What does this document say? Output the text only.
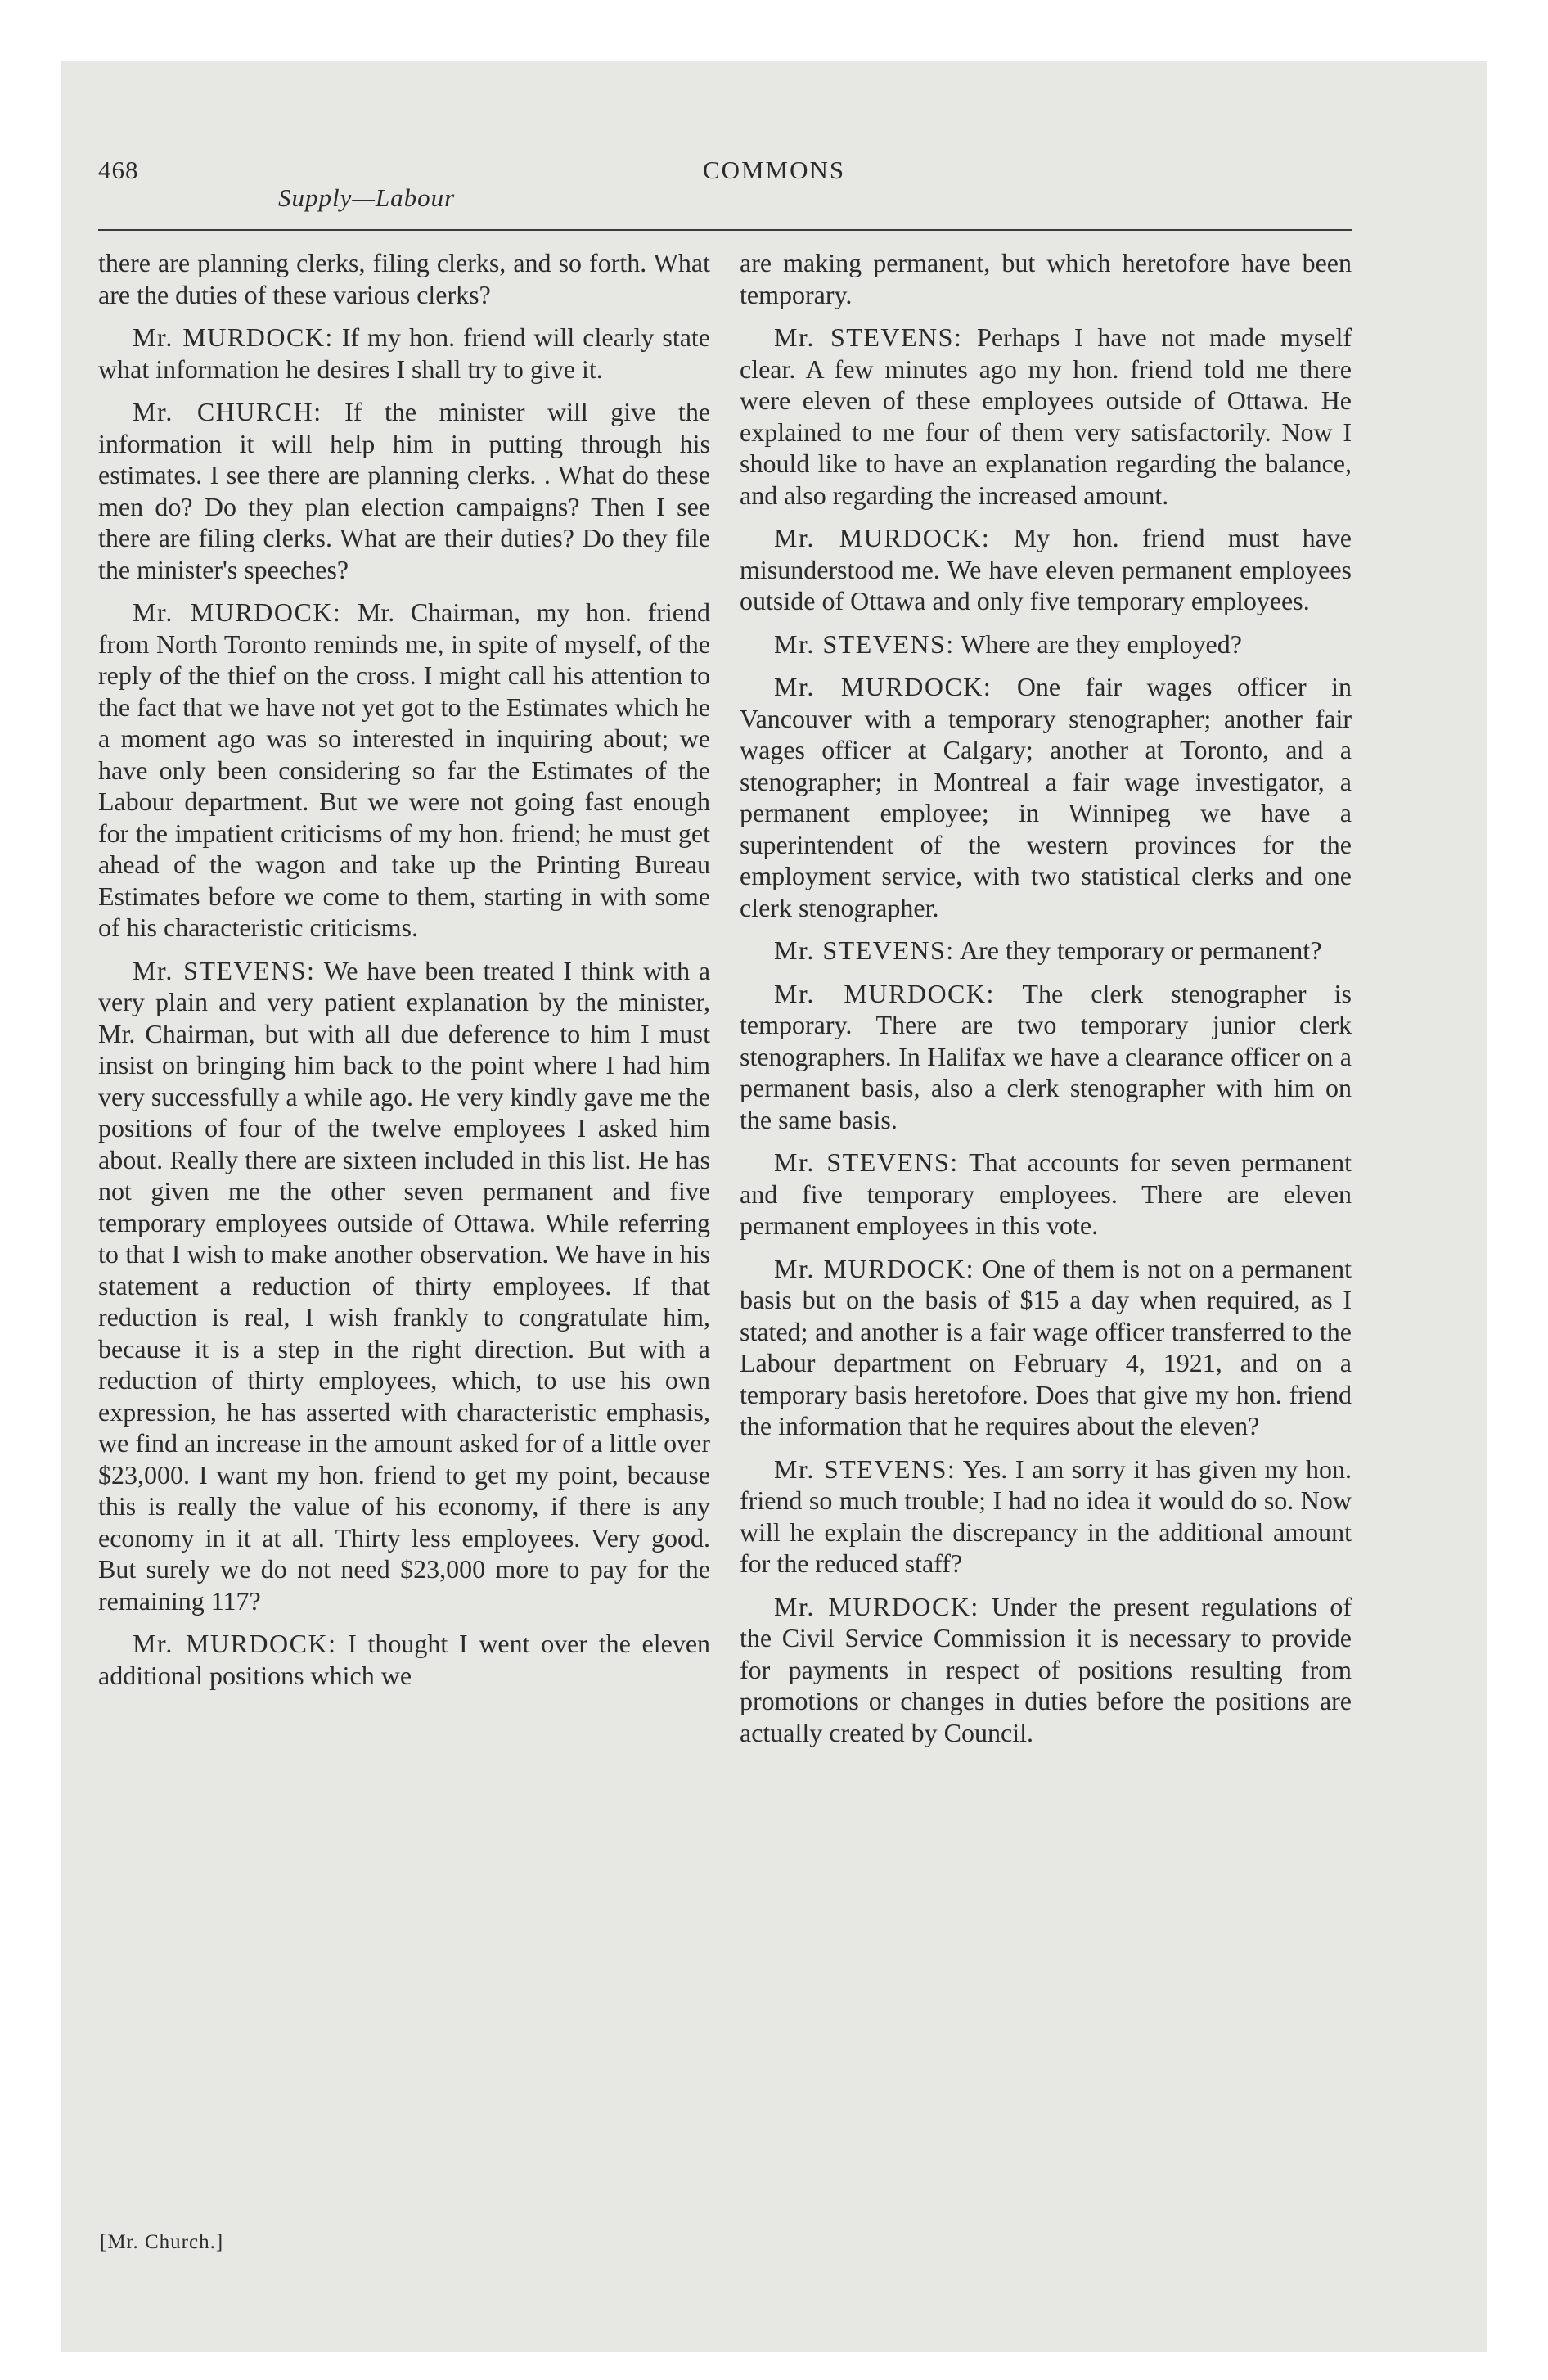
468	COMMONS
Supply—Labour

there are planning clerks, filing clerks, and so forth. What are the duties of these various clerks?

Mr. MURDOCK: If my hon. friend will clearly state what information he desires I shall try to give it.

Mr. CHURCH: If the minister will give the information it will help him in putting through his estimates. I see there are planning clerks. . What do these men do? Do they plan election campaigns? Then I see there are filing clerks. What are their duties? Do they file the minister's speeches?

Mr. MURDOCK: Mr. Chairman, my hon. friend from North Toronto reminds me, in spite of myself, of the reply of the thief on the cross. I might call his attention to the fact that we have not yet got to the Estimates which he a moment ago was so interested in inquiring about; we have only been considering so far the Estimates of the Labour department. But we were not going fast enough for the impatient criticisms of my hon. friend; he must get ahead of the wagon and take up the Printing Bureau Estimates before we come to them, starting in with some of his characteristic criticisms.

Mr. STEVENS: We have been treated I think with a very plain and very patient explanation by the minister, Mr. Chairman, but with all due deference to him I must insist on bringing him back to the point where I had him very successfully a while ago. He very kindly gave me the positions of four of the twelve employees I asked him about. Really there are sixteen included in this list. He has not given me the other seven permanent and five temporary employees outside of Ottawa. While referring to that I wish to make another observation. We have in his statement a reduction of thirty employees. If that reduction is real, I wish frankly to congratulate him, because it is a step in the right direction. But with a reduction of thirty employees, which, to use his own expression, he has asserted with characteristic emphasis, we find an increase in the amount asked for of a little over $23,000. I want my hon. friend to get my point, because this is really the value of his economy, if there is any economy in it at all. Thirty less employees. Very good. But surely we do not need $23,000 more to pay for the remaining 117?

Mr. MURDOCK: I thought I went over the eleven additional positions which we

are making permanent, but which heretofore have been temporary.

Mr. STEVENS: Perhaps I have not made myself clear. A few minutes ago my hon. friend told me there were eleven of these employees outside of Ottawa. He explained to me four of them very satisfactorily. Now I should like to have an explanation regarding the balance, and also regarding the increased amount.

Mr. MURDOCK: My hon. friend must have misunderstood me. We have eleven permanent employees outside of Ottawa and only five temporary employees.

Mr. STEVENS: Where are they employed?

Mr. MURDOCK: One fair wages officer in Vancouver with a temporary stenographer; another fair wages officer at Calgary; another at Toronto, and a stenographer; in Montreal a fair wage investigator, a permanent employee; in Winnipeg we have a superintendent of the western provinces for the employment service, with two statistical clerks and one clerk stenographer.

Mr. STEVENS: Are they temporary or permanent?

Mr. MURDOCK: The clerk stenographer is temporary. There are two temporary junior clerk stenographers. In Halifax we have a clearance officer on a permanent basis, also a clerk stenographer with him on the same basis.

Mr. STEVENS: That accounts for seven permanent and five temporary employees. There are eleven permanent employees in this vote.

Mr. MURDOCK: One of them is not on a permanent basis but on the basis of $15 a day when required, as I stated; and another is a fair wage officer transferred to the Labour department on February 4, 1921, and on a temporary basis heretofore. Does that give my hon. friend the information that he requires about the eleven?

Mr. STEVENS: Yes. I am sorry it has given my hon. friend so much trouble; I had no idea it would do so. Now will he explain the discrepancy in the additional amount for the reduced staff?

Mr. MURDOCK: Under the present regulations of the Civil Service Commission it is necessary to provide for payments in respect of positions resulting from promotions or changes in duties before the positions are actually created by Council.

[Mr. Church.]
